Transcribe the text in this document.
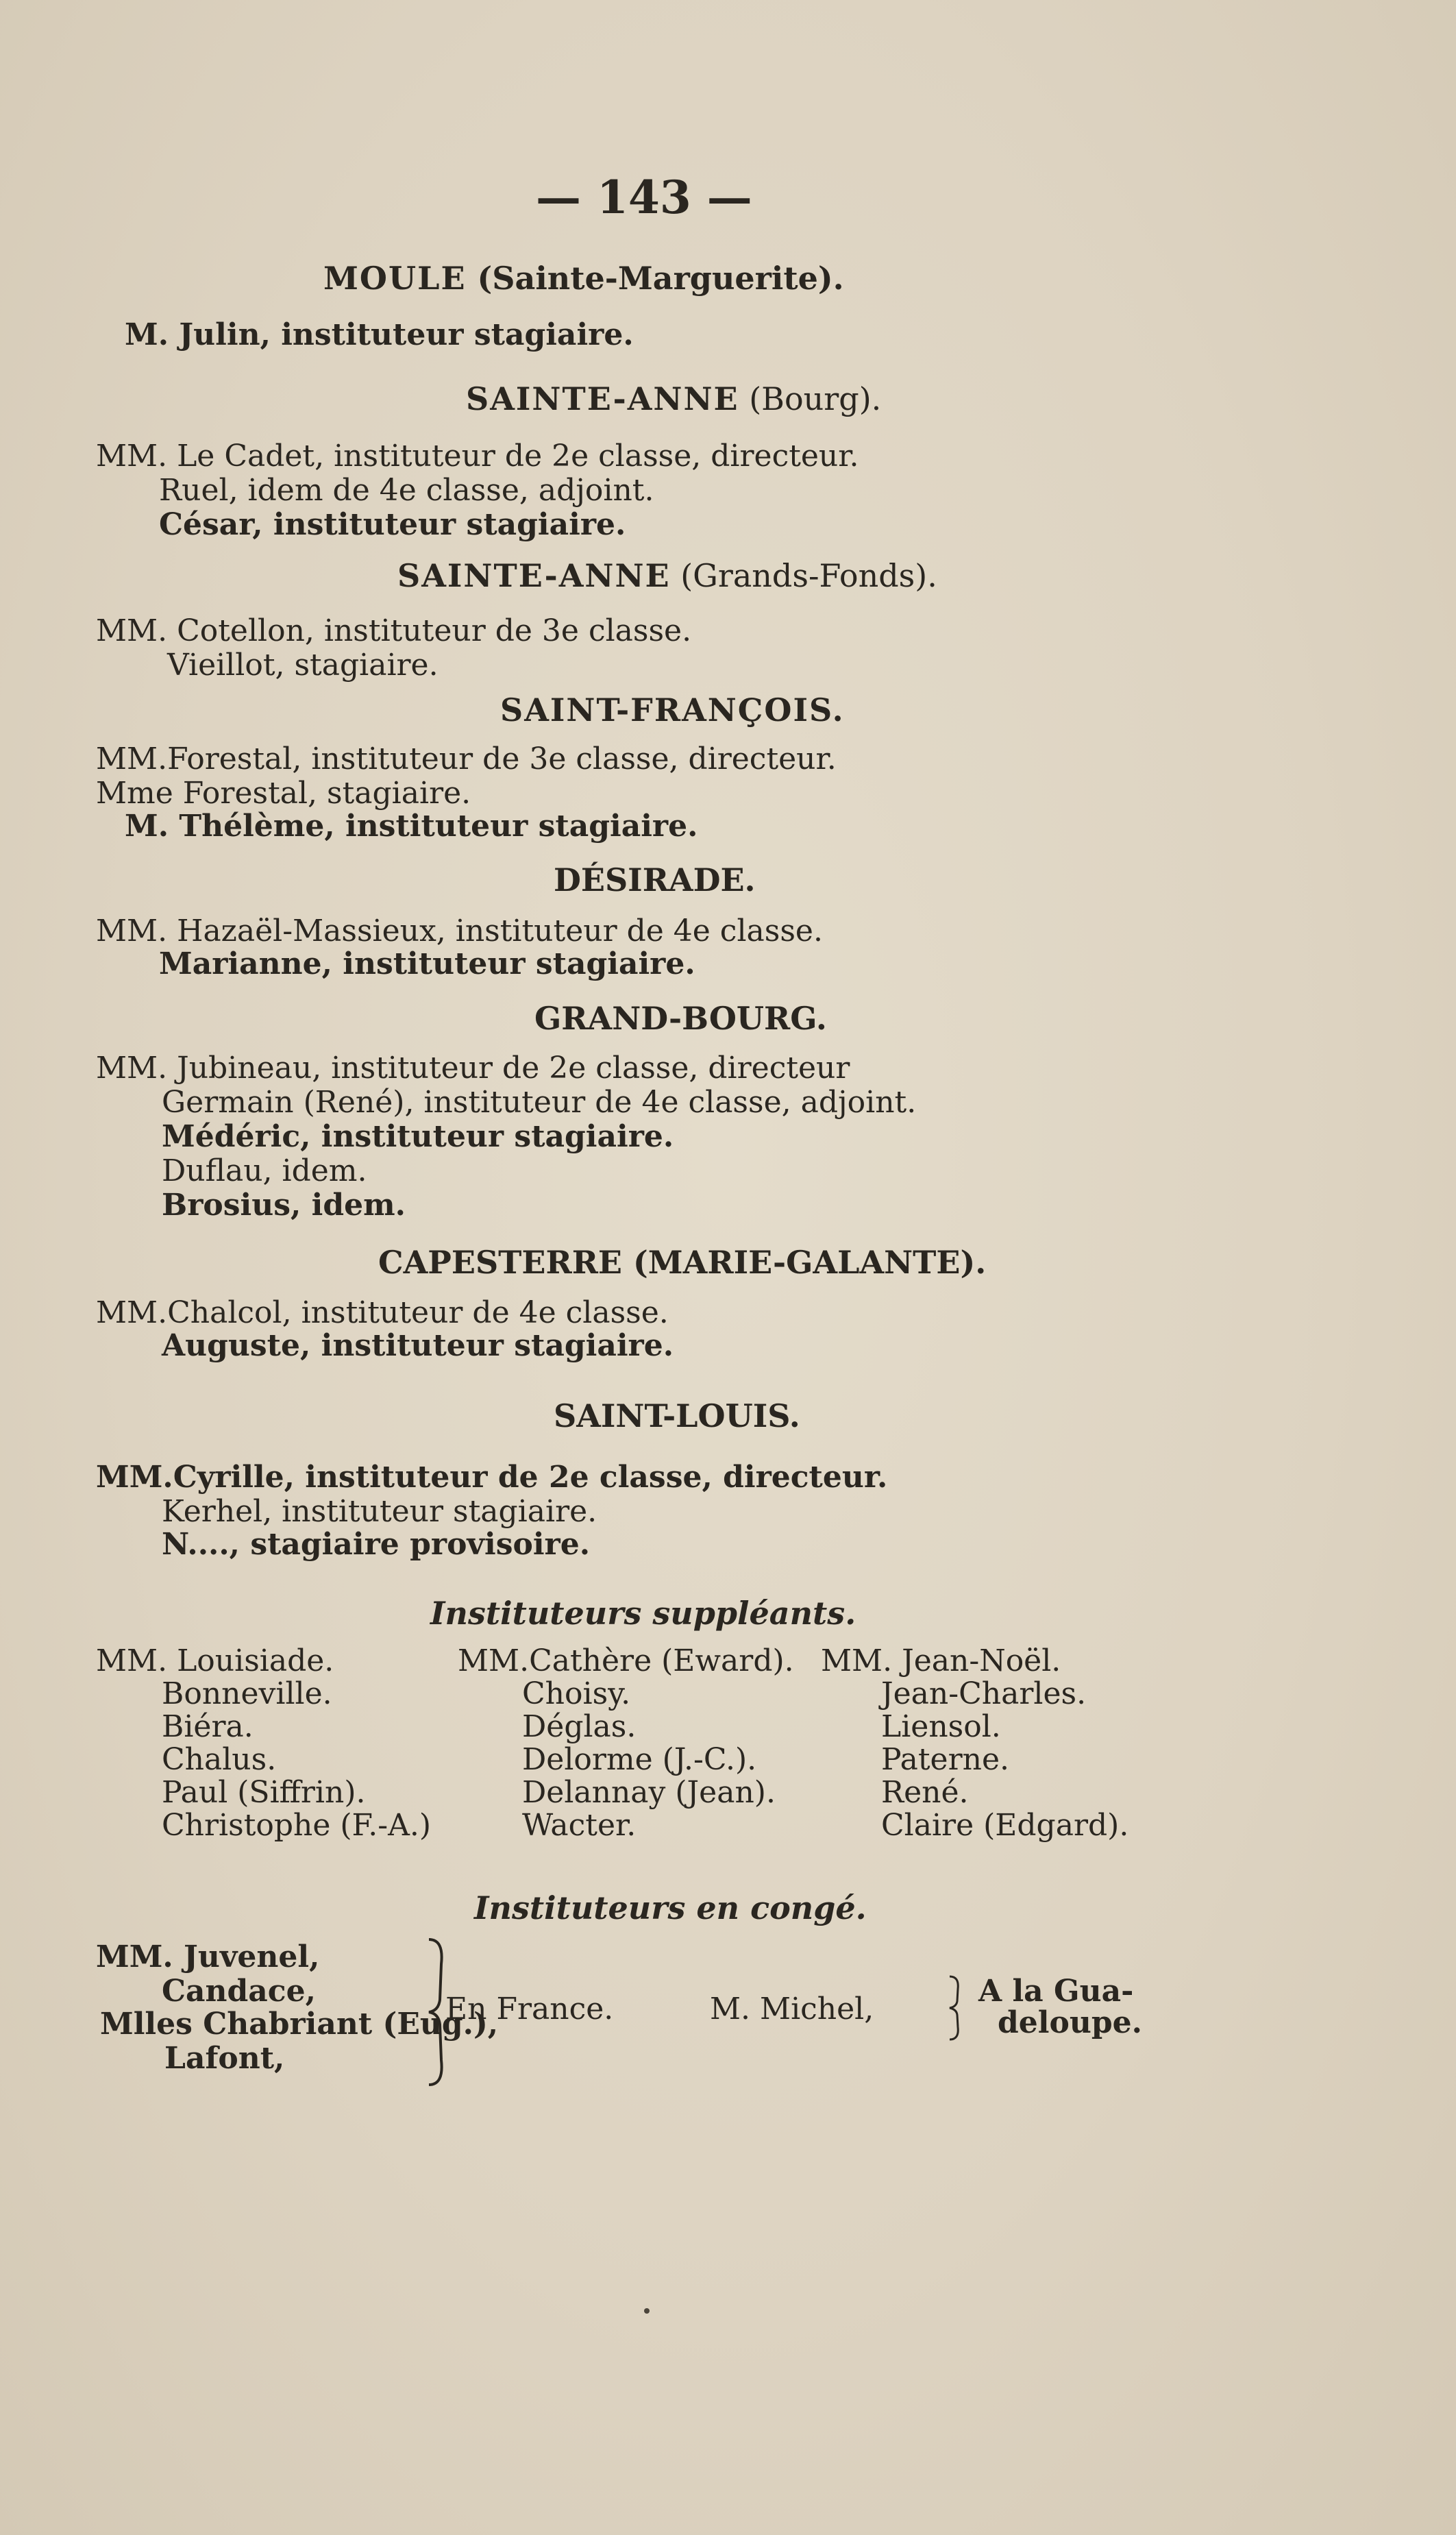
— 143 —
MOULE (Sainte-Marguerite).
M. Julin, instituteur stagiaire.
SAINTE-ANNE (Bourg).
MM. Le Cadet, instituteur de 2e classe, directeur.
Ruel, idem de 4e classe, adjoint.
César, instituteur stagiaire.
SAINTE-ANNE (Grands-Fonds).
MM. Cotellon, instituteur de 3e classe.
Vieillot, stagiaire.
SAINT-FRANÇOIS.
MM.Forestal, instituteur de 3e classe, directeur.
Mme Forestal, stagiaire.
M. Thélème, instituteur stagiaire.
DÉSIRADE.
MM. Hazaël-Massieux, instituteur de 4e classe.
Marianne, instituteur stagiaire.
GRAND-BOURG.
MM. Jubineau, instituteur de 2e classe, directeur
Germain (René), instituteur de 4e classe, adjoint.
Médéric, instituteur stagiaire.
Duflau, idem.
Brosius, idem.
CAPESTERRE (MARIE-GALANTE).
MM.Chalcol, instituteur de 4e classe.
Auguste, instituteur stagiaire.
SAINT-LOUIS.
MM.Cyrille, instituteur de 2e classe, directeur.
Kerhel, instituteur stagiaire.
N...., stagiaire provisoire.
Instituteurs suppléants.
MM. Louisiade.
Bonneville.
Biéra.
Chalus.
Paul (Siffrin).
Christophe (F.-A.)
MM.Cathère (Eward).
Choisy.
Déglas.
Delorme (J.-C.).
Delannay (Jean).
Wacter.
MM. Jean-Noël.
Jean-Charles.
Liensol.
Paterne.
René.
Claire (Edgard).
Instituteurs en congé.
MM. Juvenel,
Candace,
Mlles Chabriant (Eug.),
Lafont,
En France.	M. Michel,
A la Gua-
deloupe.
